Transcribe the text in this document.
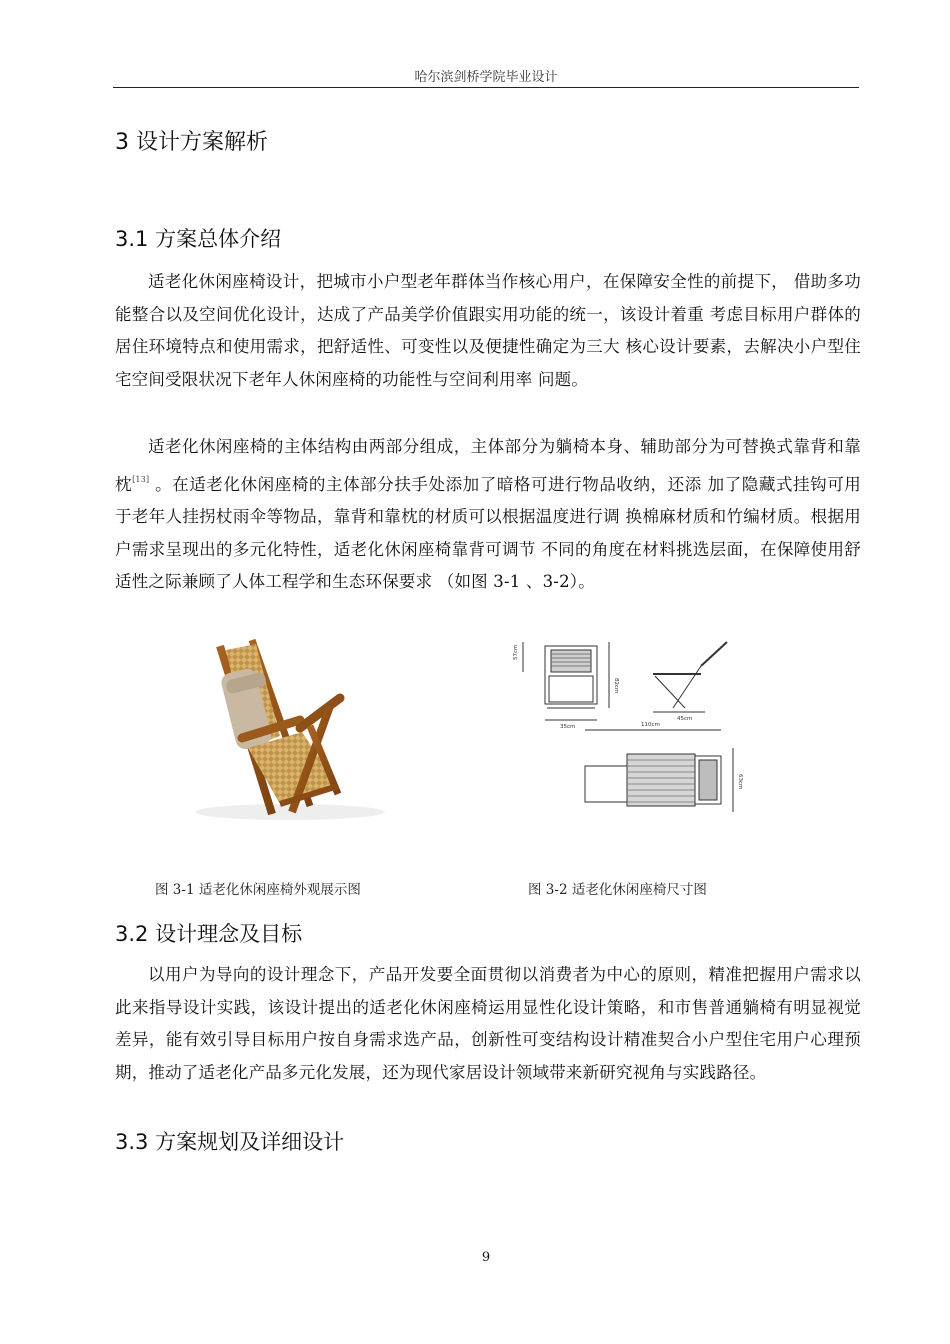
哈尔滨剑桥学院毕业设计
3 设计方案解析
3.1 方案总体介绍

适老化休闲座椅设计，把城市小户型老年群体当作核心用户，在保障安全性的前提下， 借助多功能整合以及空间优化设计，达成了产品美学价值跟实用功能的统一，该设计着重 考虑目标用户群体的居住环境特点和使用需求，把舒适性、可变性以及便捷性确定为三大 核心设计要素，去解决小户型住宅空间受限状况下老年人休闲座椅的功能性与空间利用率 问题。

适老化休闲座椅的主体结构由两部分组成，主体部分为躺椅本身、辅助部分为可替换式靠背和靠枕[13] 。在适老化休闲座椅的主体部分扶手处添加了暗格可进行物品收纳，还添 加了隐藏式挂钩可用于老年人挂拐杖雨伞等物品，靠背和靠枕的材质可以根据温度进行调 换棉麻材质和竹编材质。根据用户需求呈现出的多元化特性，适老化休闲座椅靠背可调节 不同的角度在材料挑选层面，在保障使用舒适性之际兼顾了人体工程学和生态环保要求 （如图 3-1 、3-2）。

57cm
82cm
35cm
45cm
110cm
63cm
图 3-1 适老化休闲座椅外观展示图	图 3-2 适老化休闲座椅尺寸图
3.2 设计理念及目标

以用户为导向的设计理念下，产品开发要全面贯彻以消费者为中心的原则，精准把握用户需求以此来指导设计实践，该设计提出的适老化休闲座椅运用显性化设计策略，和市售普通躺椅有明显视觉差异，能有效引导目标用户按自身需求选产品，创新性可变结构设计精准契合小户型住宅用户心理预期，推动了适老化产品多元化发展，还为现代家居设计领域带来新研究视角与实践路径。

3.3 方案规划及详细设计
9
